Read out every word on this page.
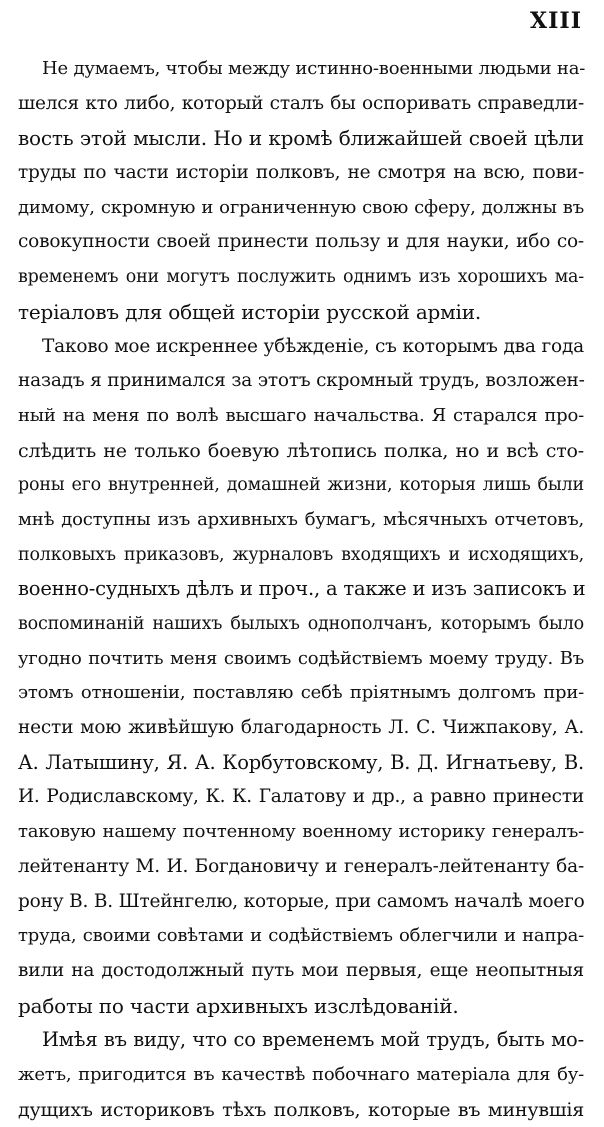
XIII
Не думаемъ, чтобы между истинно-военными людьми на-
шелся кто либо, который сталъ бы оспоривать справедли-
вость этой мысли. Но и кромѣ ближайшей своей цѣли
труды по части исторіи полковъ, не смотря на всю, пови-
димому, скромную и ограниченную свою сферу, должны въ
совокупности своей принести пользу и для науки, ибо со-
временемъ они могутъ послужить однимъ изъ хорошихъ ма-
теріаловъ для общей исторіи русской арміи.
Таково мое искреннее убѣжденіе, съ которымъ два года
назадъ я принимался за этотъ скромный трудъ, возложен-
ный на меня по волѣ высшаго начальства. Я старался про-
слѣдить не только боевую лѣтопись полка, но и всѣ сто-
роны его внутренней, домашней жизни, которыя лишь были
мнѣ доступны изъ архивныхъ бумагъ, мѣсячныхъ отчетовъ,
полковыхъ приказовъ, журналовъ входящихъ и исходящихъ,
военно-судныхъ дѣлъ и проч., а также и изъ записокъ и
воспоминаній нашихъ былыхъ однополчанъ, которымъ было
угодно почтить меня своимъ содѣйствіемъ моему труду. Въ
этомъ отношеніи, поставляю себѣ пріятнымъ долгомъ при-
нести мою живѣйшую благодарность Л. С. Чижпакову, А.
А. Латышину, Я. А. Корбутовскому, В. Д. Игнатьеву, В.
И. Родиславскому, К. К. Галатову и др., а равно принести
таковую нашему почтенному военному историку генералъ-
лейтенанту М. И. Богдановичу и генералъ-лейтенанту ба-
рону В. В. Штейнгелю, которые, при самомъ началѣ моего
труда, своими совѣтами и содѣйствіемъ облегчили и напра-
вили на достодолжный путь мои первыя, еще неопытныя
работы по части архивныхъ изслѣдованій.
Имѣя въ виду, что со временемъ мой трудъ, быть мо-
жетъ, пригодится въ качествѣ побочнаго матеріала для бу-
дущихъ историковъ тѣхъ полковъ, которые въ минувшія
